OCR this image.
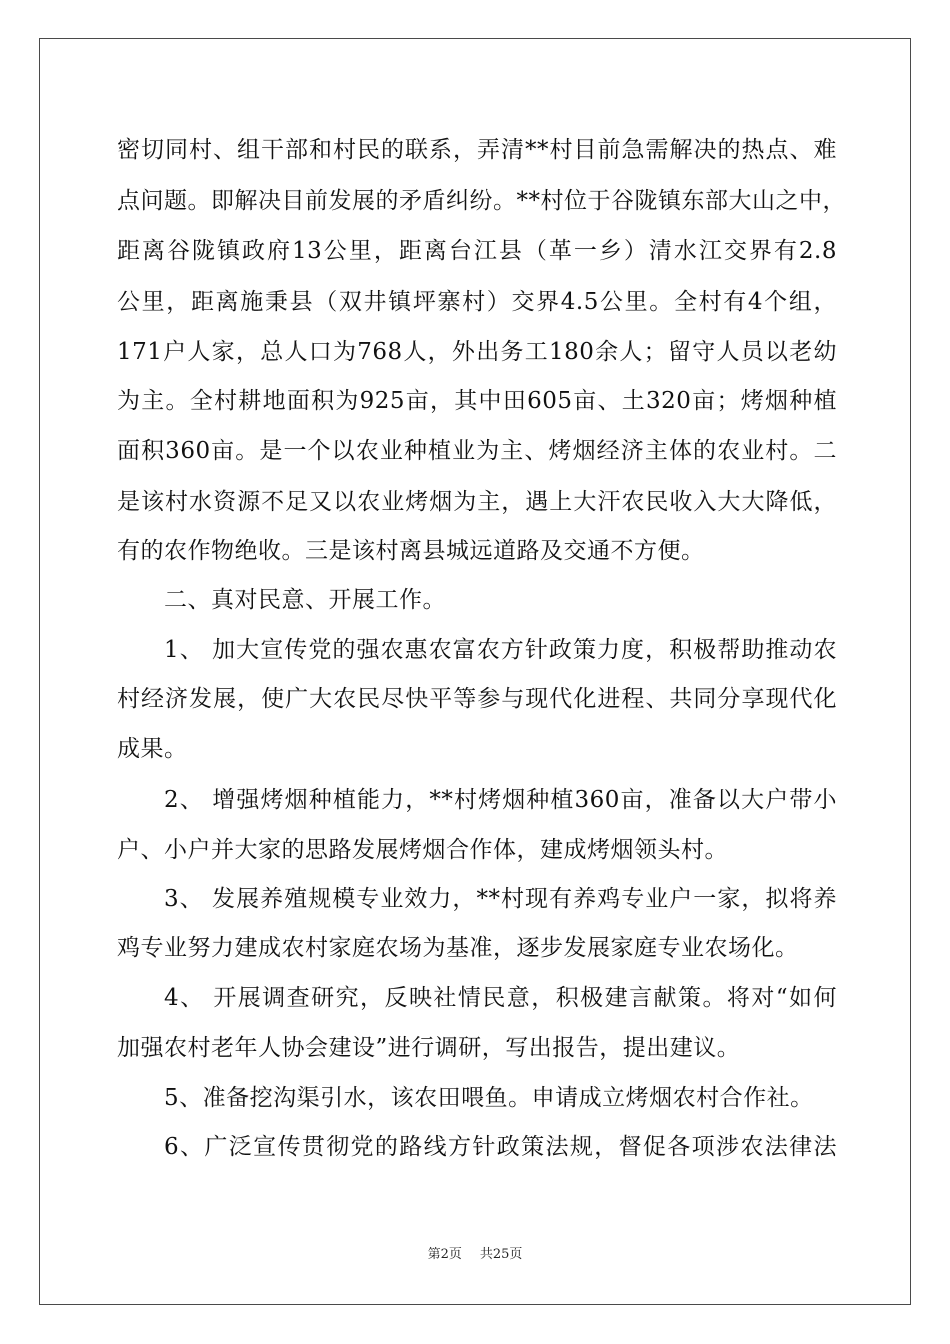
密切同村、组干部和村民的联系，弄清**村目前急需解决的热点、难
点问题。即解决目前发展的矛盾纠纷。**村位于谷陇镇东部大山之中，
距离谷陇镇政府13公里，距离台江县（革一乡）清水江交界有2.8
公里，距离施秉县（双井镇坪寨村）交界4.5公里。全村有4个组，
171户人家，总人口为768人，外出务工180余人；留守人员以老幼
为主。全村耕地面积为925亩，其中田605亩、土320亩；烤烟种植
面积360亩。是一个以农业种植业为主、烤烟经济主体的农业村。二
是该村水资源不足又以农业烤烟为主，遇上大汗农民收入大大降低，
有的农作物绝收。三是该村离县城远道路及交通不方便。
二、真对民意、开展工作。
1、 加大宣传党的强农惠农富农方针政策力度，积极帮助推动农
村经济发展，使广大农民尽快平等参与现代化进程、共同分享现代化
成果。
2、 增强烤烟种植能力，**村烤烟种植360亩，准备以大户带小
户、小户并大家的思路发展烤烟合作体，建成烤烟领头村。
3、 发展养殖规模专业效力，**村现有养鸡专业户一家，拟将养
鸡专业努力建成农村家庭农场为基准，逐步发展家庭专业农场化。
4、 开展调查研究，反映社情民意，积极建言献策。将对“如何
加强农村老年人协会建设”进行调研，写出报告，提出建议。
5、准备挖沟渠引水，该农田喂鱼。申请成立烤烟农村合作社。
6、广泛宣传贯彻党的路线方针政策法规，督促各项涉农法律法
第2页 共25页
